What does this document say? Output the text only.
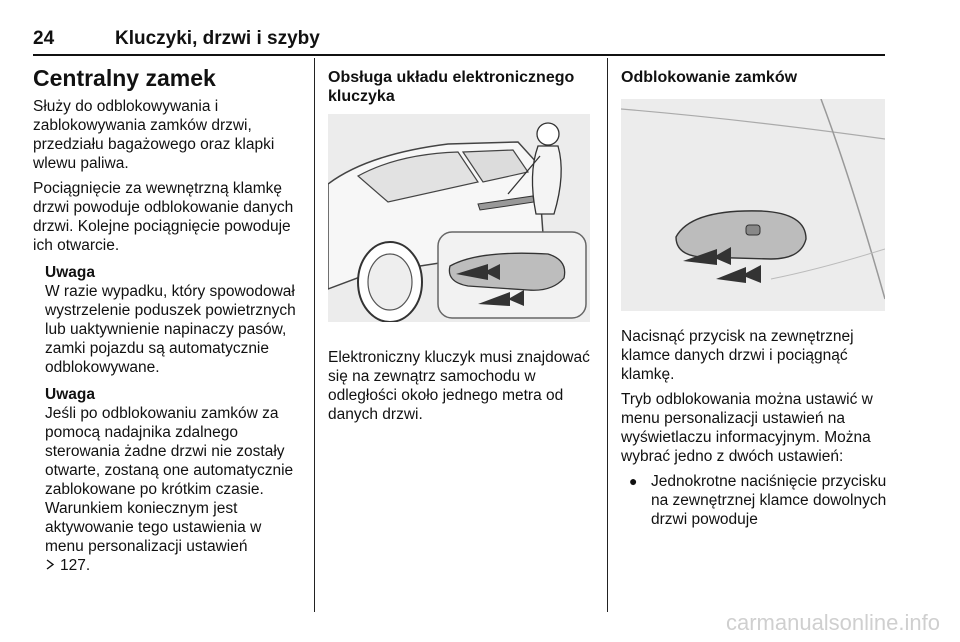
24	Kluczyki, drzwi i szyby
Centralny zamek

Służy do odblokowywania i zablokowywania zamków drzwi, przedziału bagażowego oraz klapki wlewu paliwa.

Pociągnięcie za wewnętrzną klamkę drzwi powoduje odblokowanie danych drzwi. Kolejne pociągnięcie powoduje ich otwarcie.

Uwaga

W razie wypadku, który spowodował wystrzelenie poduszek powietrznych lub uaktywnienie napinaczy pasów, zamki pojazdu są automatycznie odblokowywane.

Uwaga

Jeśli po odblokowaniu zamków za pomocą nadajnika zdalnego sterowania żadne drzwi nie zostały otwarte, zostaną one automatycznie zablokowane po krótkim czasie. Warunkiem koniecznym jest aktywowanie tego ustawienia w menu personalizacji ustawień
127.

Obsługa układu elektronicznego kluczyka

Elektroniczny kluczyk musi znajdować się na zewnątrz samochodu w odległości około jednego metra od danych drzwi.

Odblokowanie zamków

Nacisnąć przycisk na zewnętrznej klamce danych drzwi i pociągnąć klamkę.

Tryb odblokowania można ustawić w menu personalizacji ustawień na wyświetlaczu informacyjnym. Można wybrać jedno z dwóch ustawień:

● Jednokrotne naciśnięcie przycisku na zewnętrznej klamce dowolnych drzwi powoduje
carmanualsonline.info
